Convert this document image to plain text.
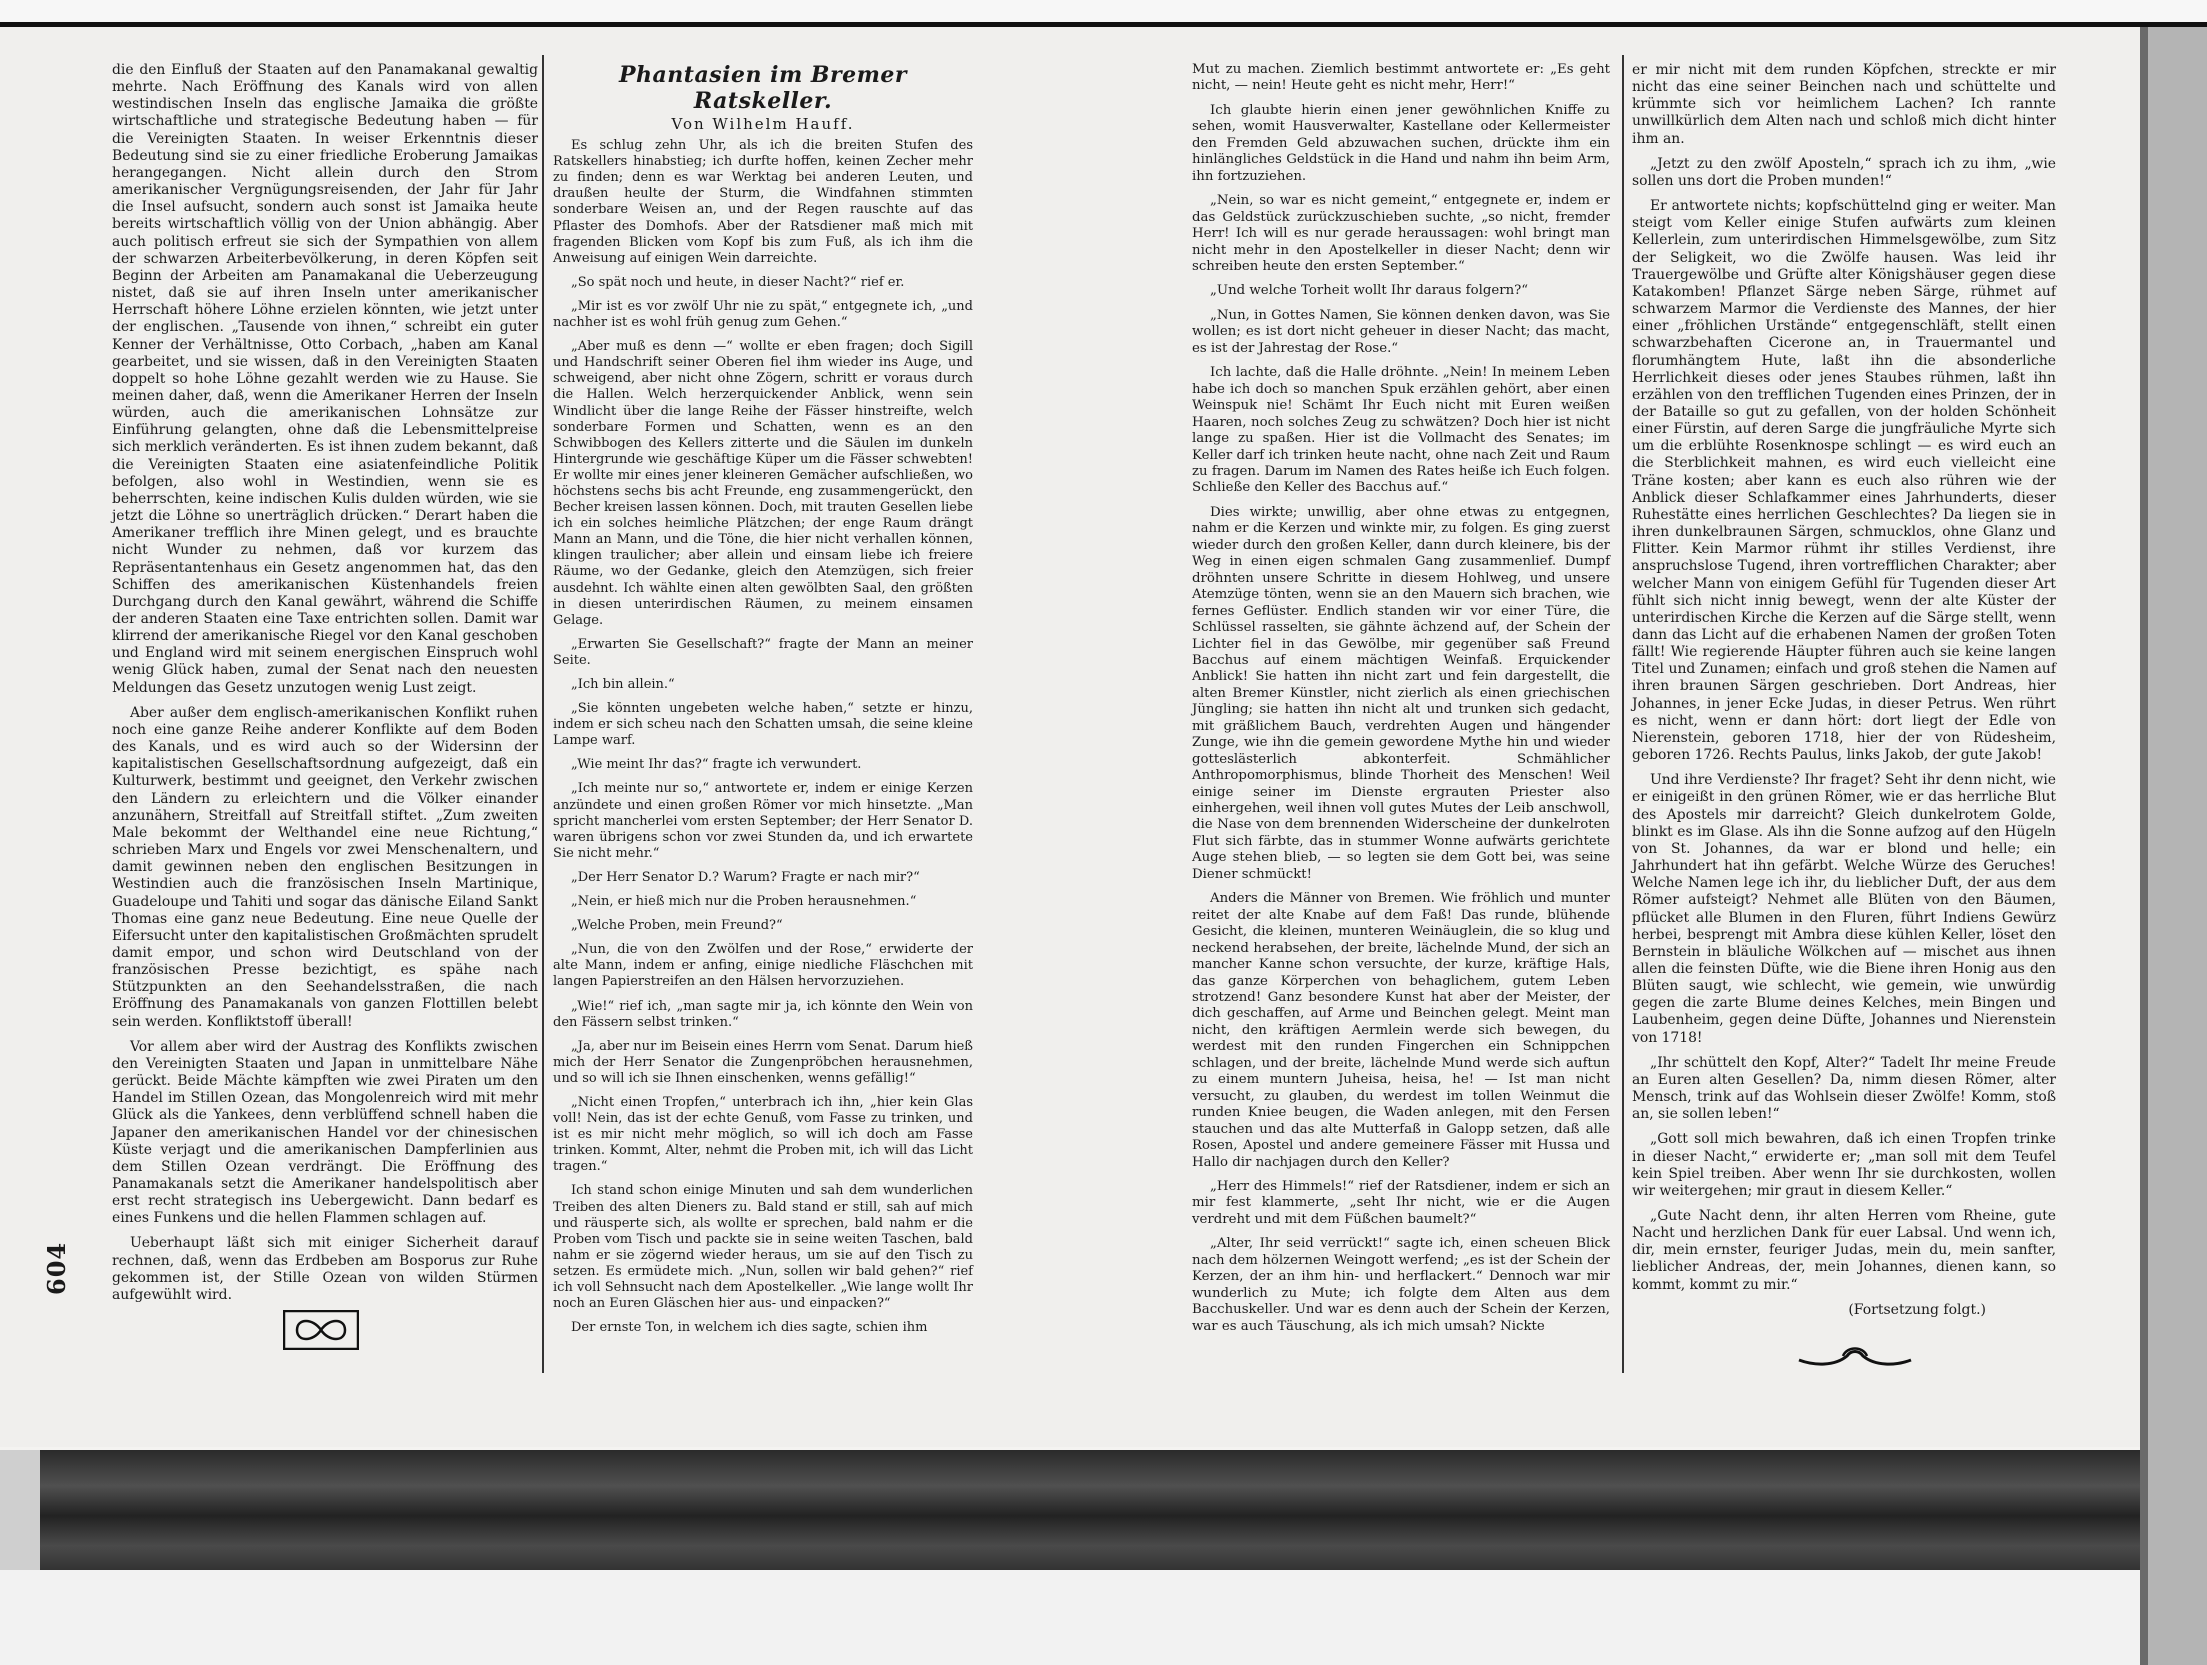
604

die den Einfluß der Staaten auf den Panamakanal gewaltig mehrte. Nach Eröffnung des Kanals wird von allen westindischen Inseln das englische Jamaika die größte wirtschaftliche und strategische Bedeutung haben — für die Vereinigten Staaten. In weiser Erkenntnis dieser Bedeutung sind sie zu einer friedliche Eroberung Jamaikas herangegangen. Nicht allein durch den Strom amerikanischer Vergnügungsreisenden, der Jahr für Jahr die Insel aufsucht, sondern auch sonst ist Jamaika heute bereits wirtschaftlich völlig von der Union abhängig. Aber auch politisch erfreut sie sich der Sympathien von allem der schwarzen Arbeiterbevölkerung, in deren Köpfen seit Beginn der Arbeiten am Panamakanal die Ueberzeugung nistet, daß sie auf ihren Inseln unter amerikanischer Herrschaft höhere Löhne erzielen könnten, wie jetzt unter der englischen. „Tausende von ihnen,“ schreibt ein guter Kenner der Verhältnisse, Otto Corbach, „haben am Kanal gearbeitet, und sie wissen, daß in den Vereinigten Staaten doppelt so hohe Löhne gezahlt werden wie zu Hause. Sie meinen daher, daß, wenn die Amerikaner Herren der Inseln würden, auch die amerikanischen Lohnsätze zur Einführung gelangten, ohne daß die Lebensmittelpreise sich merklich veränderten. Es ist ihnen zudem bekannt, daß die Vereinigten Staaten eine asiatenfeindliche Politik befolgen, also wohl in Westindien, wenn sie es beherrschten, keine indischen Kulis dulden würden, wie sie jetzt die Löhne so unerträglich drücken.“ Derart haben die Amerikaner trefflich ihre Minen gelegt, und es brauchte nicht Wunder zu nehmen, daß vor kurzem das Repräsentantenhaus ein Gesetz angenommen hat, das den Schiffen des amerikanischen Küstenhandels freien Durchgang durch den Kanal gewährt, während die Schiffe der anderen Staaten eine Taxe entrichten sollen. Damit war klirrend der amerikanische Riegel vor den Kanal geschoben und England wird mit seinem energischen Einspruch wohl wenig Glück haben, zumal der Senat nach den neuesten Meldungen das Gesetz unzutogen wenig Lust zeigt.

Aber außer dem englisch-amerikanischen Konflikt ruhen noch eine ganze Reihe anderer Konflikte auf dem Boden des Kanals, und es wird auch so der Widersinn der kapitalistischen Gesellschaftsordnung aufgezeigt, daß ein Kulturwerk, bestimmt und geeignet, den Verkehr zwischen den Ländern zu erleichtern und die Völker einander anzunähern, Streitfall auf Streitfall stiftet. „Zum zweiten Male bekommt der Welthandel eine neue Richtung,“ schrieben Marx und Engels vor zwei Menschenaltern, und damit gewinnen neben den englischen Besitzungen in Westindien auch die französischen Inseln Martinique, Guadeloupe und Tahiti und sogar das dänische Eiland Sankt Thomas eine ganz neue Bedeutung. Eine neue Quelle der Eifersucht unter den kapitalistischen Großmächten sprudelt damit empor, und schon wird Deutschland von der französischen Presse bezichtigt, es spähe nach Stützpunkten an den Seehandelsstraßen, die nach Eröffnung des Panamakanals von ganzen Flottillen belebt sein werden. Konfliktstoff überall!

Vor allem aber wird der Austrag des Konflikts zwischen den Vereinigten Staaten und Japan in unmittelbare Nähe gerückt. Beide Mächte kämpften wie zwei Piraten um den Handel im Stillen Ozean, das Mongolenreich wird mit mehr Glück als die Yankees, denn verblüffend schnell haben die Japaner den amerikanischen Handel vor der chinesischen Küste verjagt und die amerikanischen Dampferlinien aus dem Stillen Ozean verdrängt. Die Eröffnung des Panamakanals setzt die Amerikaner handelspolitisch aber erst recht strategisch ins Uebergewicht. Dann bedarf es eines Funkens und die hellen Flammen schlagen auf.

Ueberhaupt läßt sich mit einiger Sicherheit darauf rechnen, daß, wenn das Erdbeben am Bosporus zur Ruhe gekommen ist, der Stille Ozean von wilden Stürmen aufgewühlt wird.

Phantasien im Bremer Ratskeller.
Von Wilhelm Hauff.

Es schlug zehn Uhr, als ich die breiten Stufen des Ratskellers hinabstieg; ich durfte hoffen, keinen Zecher mehr zu finden; denn es war Werktag bei anderen Leuten, und draußen heulte der Sturm, die Windfahnen stimmten sonderbare Weisen an, und der Regen rauschte auf das Pflaster des Domhofs. Aber der Ratsdiener maß mich mit fragenden Blicken vom Kopf bis zum Fuß, als ich ihm die Anweisung auf einigen Wein darreichte.

„So spät noch und heute, in dieser Nacht?“ rief er.

„Mir ist es vor zwölf Uhr nie zu spät,“ entgegnete ich, „und nachher ist es wohl früh genug zum Gehen.“

„Aber muß es denn —“ wollte er eben fragen; doch Sigill und Handschrift seiner Oberen fiel ihm wieder ins Auge, und schweigend, aber nicht ohne Zögern, schritt er voraus durch die Hallen. Welch herzerquickender Anblick, wenn sein Windlicht über die lange Reihe der Fässer hinstreifte, welch sonderbare Formen und Schatten, wenn es an den Schwibbogen des Kellers zitterte und die Säulen im dunkeln Hintergrunde wie geschäftige Küper um die Fässer schwebten! Er wollte mir eines jener kleineren Gemächer aufschließen, wo höchstens sechs bis acht Freunde, eng zusammengerückt, den Becher kreisen lassen können. Doch, mit trauten Gesellen liebe ich ein solches heimliche Plätzchen; der enge Raum drängt Mann an Mann, und die Töne, die hier nicht verhallen können, klingen traulicher; aber allein und einsam liebe ich freiere Räume, wo der Gedanke, gleich den Atemzügen, sich freier ausdehnt. Ich wählte einen alten gewölbten Saal, den größten in diesen unterirdischen Räumen, zu meinem einsamen Gelage.

„Erwarten Sie Gesellschaft?“ fragte der Mann an meiner Seite.

„Ich bin allein.“

„Sie könnten ungebeten welche haben,“ setzte er hinzu, indem er sich scheu nach den Schatten umsah, die seine kleine Lampe warf.

„Wie meint Ihr das?“ fragte ich verwundert.

„Ich meinte nur so,“ antwortete er, indem er einige Kerzen anzündete und einen großen Römer vor mich hinsetzte. „Man spricht mancherlei vom ersten September; der Herr Senator D. waren übrigens schon vor zwei Stunden da, und ich erwartete Sie nicht mehr.“

„Der Herr Senator D.? Warum? Fragte er nach mir?“

„Nein, er hieß mich nur die Proben herausnehmen.“

„Welche Proben, mein Freund?“

„Nun, die von den Zwölfen und der Rose,“ erwiderte der alte Mann, indem er anfing, einige niedliche Fläschchen mit langen Papierstreifen an den Hälsen hervorzuziehen.

„Wie!“ rief ich, „man sagte mir ja, ich könnte den Wein von den Fässern selbst trinken.“

„Ja, aber nur im Beisein eines Herrn vom Senat. Darum hieß mich der Herr Senator die Zungenpröbchen herausnehmen, und so will ich sie Ihnen einschenken, wenns gefällig!“

„Nicht einen Tropfen,“ unterbrach ich ihn, „hier kein Glas voll! Nein, das ist der echte Genuß, vom Fasse zu trinken, und ist es mir nicht mehr möglich, so will ich doch am Fasse trinken. Kommt, Alter, nehmt die Proben mit, ich will das Licht tragen.“

Ich stand schon einige Minuten und sah dem wunderlichen Treiben des alten Dieners zu. Bald stand er still, sah auf mich und räusperte sich, als wollte er sprechen, bald nahm er die Proben vom Tisch und packte sie in seine weiten Taschen, bald nahm er sie zögernd wieder heraus, um sie auf den Tisch zu setzen. Es ermüdete mich. „Nun, sollen wir bald gehen?“ rief ich voll Sehnsucht nach dem Apostelkeller. „Wie lange wollt Ihr noch an Euren Gläschen hier aus- und einpacken?“

Der ernste Ton, in welchem ich dies sagte, schien ihm

Mut zu machen. Ziemlich bestimmt antwortete er: „Es geht nicht, — nein! Heute geht es nicht mehr, Herr!“

Ich glaubte hierin einen jener gewöhnlichen Kniffe zu sehen, womit Hausverwalter, Kastellane oder Kellermeister den Fremden Geld abzuwachen suchen, drückte ihm ein hinlängliches Geldstück in die Hand und nahm ihn beim Arm, ihn fortzuziehen.

„Nein, so war es nicht gemeint,“ entgegnete er, indem er das Geldstück zurückzuschieben suchte, „so nicht, fremder Herr! Ich will es nur gerade heraussagen: wohl bringt man nicht mehr in den Apostelkeller in dieser Nacht; denn wir schreiben heute den ersten September.“

„Und welche Torheit wollt Ihr daraus folgern?“

„Nun, in Gottes Namen, Sie können denken davon, was Sie wollen; es ist dort nicht geheuer in dieser Nacht; das macht, es ist der Jahrestag der Rose.“

Ich lachte, daß die Halle dröhnte. „Nein! In meinem Leben habe ich doch so manchen Spuk erzählen gehört, aber einen Weinspuk nie! Schämt Ihr Euch nicht mit Euren weißen Haaren, noch solches Zeug zu schwätzen? Doch hier ist nicht lange zu spaßen. Hier ist die Vollmacht des Senates; im Keller darf ich trinken heute nacht, ohne nach Zeit und Raum zu fragen. Darum im Namen des Rates heiße ich Euch folgen. Schließe den Keller des Bacchus auf.“

Dies wirkte; unwillig, aber ohne etwas zu entgegnen, nahm er die Kerzen und winkte mir, zu folgen. Es ging zuerst wieder durch den großen Keller, dann durch kleinere, bis der Weg in einen eigen schmalen Gang zusammenlief. Dumpf dröhnten unsere Schritte in diesem Hohlweg, und unsere Atemzüge tönten, wenn sie an den Mauern sich brachen, wie fernes Geflüster. Endlich standen wir vor einer Türe, die Schlüssel rasselten, sie gähnte ächzend auf, der Schein der Lichter fiel in das Gewölbe, mir gegenüber saß Freund Bacchus auf einem mächtigen Weinfaß. Erquickender Anblick! Sie hatten ihn nicht zart und fein dargestellt, die alten Bremer Künstler, nicht zierlich als einen griechischen Jüngling; sie hatten ihn nicht alt und trunken sich gedacht, mit gräßlichem Bauch, verdrehten Augen und hängender Zunge, wie ihn die gemein gewordene Mythe hin und wieder gotteslästerlich abkonterfeit. Schmählicher Anthropomorphismus, blinde Thorheit des Menschen! Weil einige seiner im Dienste ergrauten Priester also einhergehen, weil ihnen voll gutes Mutes der Leib anschwoll, die Nase von dem brennenden Widerscheine der dunkelroten Flut sich färbte, das in stummer Wonne aufwärts gerichtete Auge stehen blieb, — so legten sie dem Gott bei, was seine Diener schmückt!

Anders die Männer von Bremen. Wie fröhlich und munter reitet der alte Knabe auf dem Faß! Das runde, blühende Gesicht, die kleinen, munteren Weinäuglein, die so klug und neckend herabsehen, der breite, lächelnde Mund, der sich an mancher Kanne schon versuchte, der kurze, kräftige Hals, das ganze Körperchen von behaglichem, gutem Leben strotzend! Ganz besondere Kunst hat aber der Meister, der dich geschaffen, auf Arme und Beinchen gelegt. Meint man nicht, den kräftigen Aermlein werde sich bewegen, du werdest mit den runden Fingerchen ein Schnippchen schlagen, und der breite, lächelnde Mund werde sich auftun zu einem muntern Juheisa, heisa, he! — Ist man nicht versucht, zu glauben, du werdest im tollen Weinmut die runden Kniee beugen, die Waden anlegen, mit den Fersen stauchen und das alte Mutterfaß in Galopp setzen, daß alle Rosen, Apostel und andere gemeinere Fässer mit Hussa und Hallo dir nachjagen durch den Keller?

„Herr des Himmels!“ rief der Ratsdiener, indem er sich an mir fest klammerte, „seht Ihr nicht, wie er die Augen verdreht und mit dem Füßchen baumelt?“

„Alter, Ihr seid verrückt!“ sagte ich, einen scheuen Blick nach dem hölzernen Weingott werfend; „es ist der Schein der Kerzen, der an ihm hin- und herflackert.“ Dennoch war mir wunderlich zu Mute; ich folgte dem Alten aus dem Bacchuskeller. Und war es denn auch der Schein der Kerzen, war es auch Täuschung, als ich mich umsah? Nickte

er mir nicht mit dem runden Köpfchen, streckte er mir nicht das eine seiner Beinchen nach und schüttelte und krümmte sich vor heimlichem Lachen? Ich rannte unwillkürlich dem Alten nach und schloß mich dicht hinter ihm an.

„Jetzt zu den zwölf Aposteln,“ sprach ich zu ihm, „wie sollen uns dort die Proben munden!“

Er antwortete nichts; kopfschüttelnd ging er weiter. Man steigt vom Keller einige Stufen aufwärts zum kleinen Kellerlein, zum unterirdischen Himmelsgewölbe, zum Sitz der Seligkeit, wo die Zwölfe hausen. Was leid ihr Trauergewölbe und Grüfte alter Königshäuser gegen diese Katakomben! Pflanzet Särge neben Särge, rühmet auf schwarzem Marmor die Verdienste des Mannes, der hier einer „fröhlichen Urstände“ entgegenschläft, stellt einen schwarzbehaften Cicerone an, in Trauermantel und florumhängtem Hute, laßt ihn die absonderliche Herrlichkeit dieses oder jenes Staubes rühmen, laßt ihn erzählen von den trefflichen Tugenden eines Prinzen, der in der Bataille so gut zu gefallen, von der holden Schönheit einer Fürstin, auf deren Sarge die jungfräuliche Myrte sich um die erblühte Rosenknospe schlingt — es wird euch an die Sterblichkeit mahnen, es wird euch vielleicht eine Träne kosten; aber kann es euch also rühren wie der Anblick dieser Schlafkammer eines Jahrhunderts, dieser Ruhestätte eines herrlichen Geschlechtes? Da liegen sie in ihren dunkelbraunen Särgen, schmucklos, ohne Glanz und Flitter. Kein Marmor rühmt ihr stilles Verdienst, ihre anspruchslose Tugend, ihren vortrefflichen Charakter; aber welcher Mann von einigem Gefühl für Tugenden dieser Art fühlt sich nicht innig bewegt, wenn der alte Küster der unterirdischen Kirche die Kerzen auf die Särge stellt, wenn dann das Licht auf die erhabenen Namen der großen Toten fällt! Wie regierende Häupter führen auch sie keine langen Titel und Zunamen; einfach und groß stehen die Namen auf ihren braunen Särgen geschrieben. Dort Andreas, hier Johannes, in jener Ecke Judas, in dieser Petrus. Wen rührt es nicht, wenn er dann hört: dort liegt der Edle von Nierenstein, geboren 1718, hier der von Rüdesheim, geboren 1726. Rechts Paulus, links Jakob, der gute Jakob!

Und ihre Verdienste? Ihr fraget? Seht ihr denn nicht, wie er einigeißt in den grünen Römer, wie er das herrliche Blut des Apostels mir darreicht? Gleich dunkelrotem Golde, blinkt es im Glase. Als ihn die Sonne aufzog auf den Hügeln von St. Johannes, da war er blond und helle; ein Jahrhundert hat ihn gefärbt. Welche Würze des Geruches! Welche Namen lege ich ihr, du lieblicher Duft, der aus dem Römer aufsteigt? Nehmet alle Blüten von den Bäumen, pflücket alle Blumen in den Fluren, führt Indiens Gewürz herbei, besprengt mit Ambra diese kühlen Keller, löset den Bernstein in bläuliche Wölkchen auf — mischet aus ihnen allen die feinsten Düfte, wie die Biene ihren Honig aus den Blüten saugt, wie schlecht, wie gemein, wie unwürdig gegen die zarte Blume deines Kelches, mein Bingen und Laubenheim, gegen deine Düfte, Johannes und Nierenstein von 1718!

„Ihr schüttelt den Kopf, Alter?“ Tadelt Ihr meine Freude an Euren alten Gesellen? Da, nimm diesen Römer, alter Mensch, trink auf das Wohlsein dieser Zwölfe! Komm, stoß an, sie sollen leben!“

„Gott soll mich bewahren, daß ich einen Tropfen trinke in dieser Nacht,“ erwiderte er; „man soll mit dem Teufel kein Spiel treiben. Aber wenn Ihr sie durchkosten, wollen wir weitergehen; mir graut in diesem Keller.“

„Gute Nacht denn, ihr alten Herren vom Rheine, gute Nacht und herzlichen Dank für euer Labsal. Und wenn ich, dir, mein ernster, feuriger Judas, mein du, mein sanfter, lieblicher Andreas, der, mein Johannes, dienen kann, so kommt, kommt zu mir.“

(Fortsetzung folgt.)
